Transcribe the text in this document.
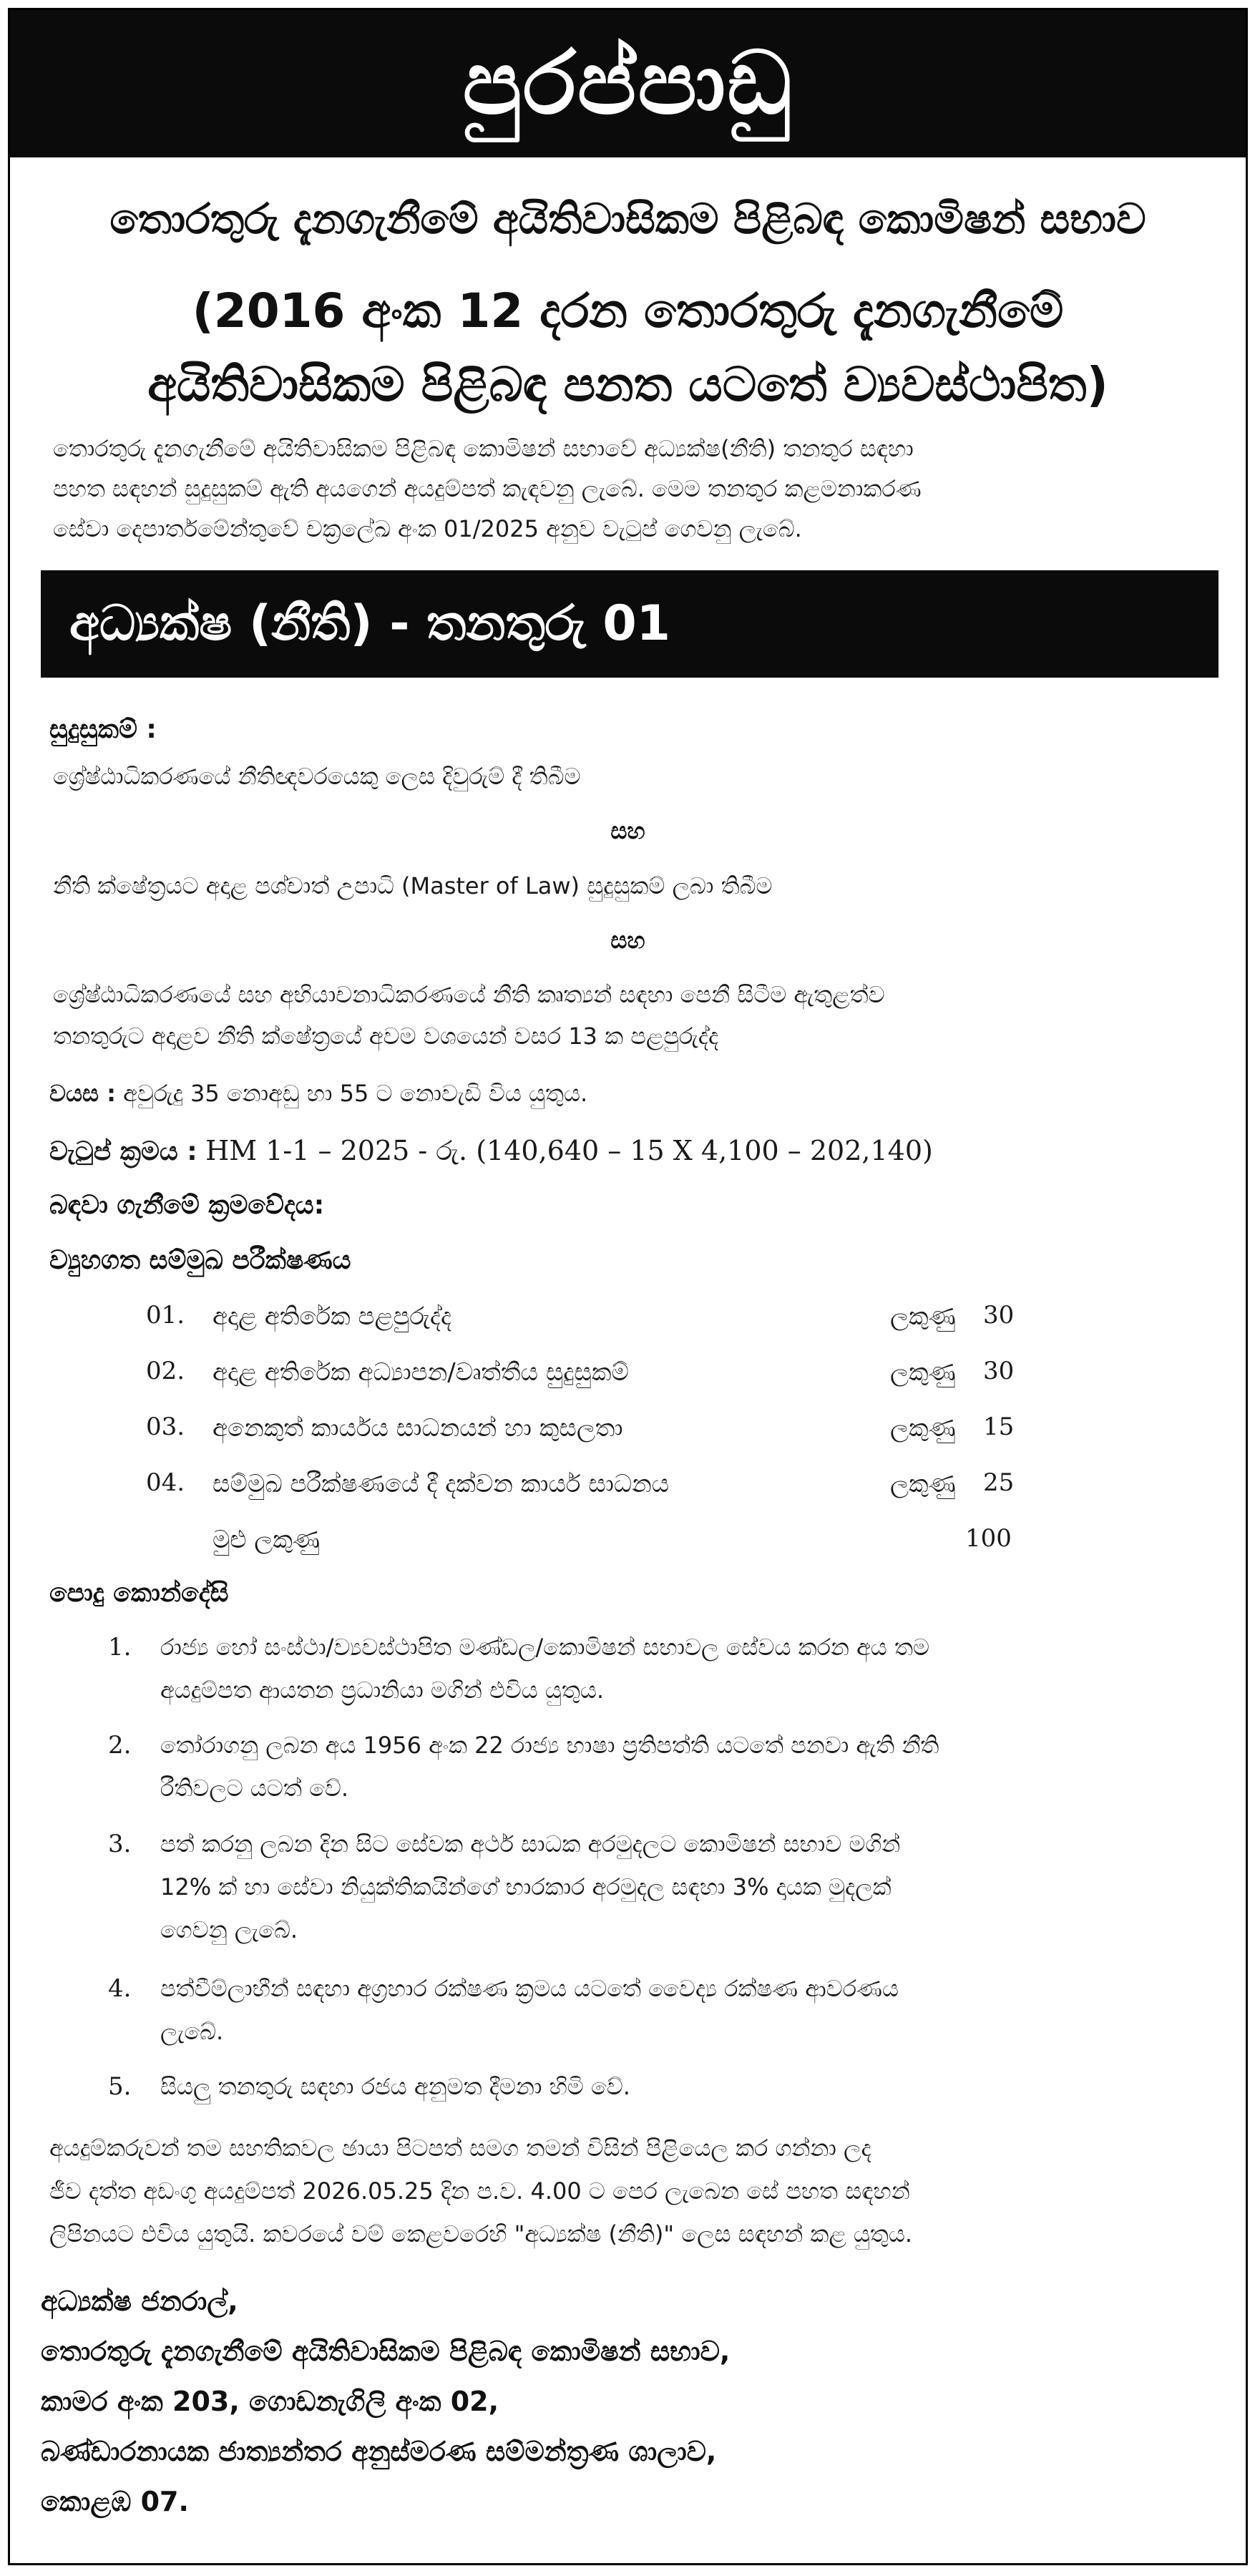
පුරප්පාඩු
තොරතුරු දැනගැනීමේ අයිතිවාසිකම පිළිබඳ කොමිෂන් සභාව
(2016 අංක 12 දරන තොරතුරු දැනගැනීමේ
අයිතිවාසිකම පිළිබඳ පනත යටතේ ව්‍යවස්ථාපිත)
තොරතුරු දැනගැනීමේ අයිතිවාසිකම පිළිබඳ කොමිෂන් සභාවේ අධ්‍යක්ෂ(නීති) තනතුර සඳහා
පහත සඳහන් සුදුසුකම් ඇති අයගෙන් අයදුම්පත් කැඳවනු ලැබේ. මෙම තනතුර කළමනාකරණ
සේවා දෙපාර්තමේන්තුවේ චක්‍රලේඛ අංක 01/2025 අනුව වැටුප් ගෙවනු ලැබේ.
අධ්‍යක්ෂ (නීති) - තනතුරු 01
සුදුසුකම් :
ශ්‍රේෂ්ඨාධිකරණයේ නීතිඥවරයෙකු ලෙස දිවුරුම් දී තිබීම
සහ
නීති ක්ෂේත්‍රයට අදාළ පශ්චාත් උපාධි (Master of Law) සුදුසුකම් ලබා තිබීම
සහ
ශ්‍රේෂ්ඨාධිකරණයේ සහ අභියාචනාධිකරණයේ නීති කෘත්‍යන් සඳහා පෙනී සිටීම ඇතුළත්ව
තනතුරුට අදාළව නීති ක්ෂේත්‍රයේ අවම වශයෙන් වසර 13 ක පළපුරුද්ද
වයස : අවුරුදු 35 නොඅඩු හා 55 ට නොවැඩි විය යුතුය.
වැටුප් ක්‍රමය : HM 1-1 – 2025 - රු. (140,640 – 15 X 4,100 – 202,140)
බඳවා ගැනීමේ ක්‍රමවේදය:
ව්‍යුහගත සම්මුඛ පරීක්ෂණය
01. අදාළ අතිරේක පළපුරුද්ද	ලකුණු 30
02. අදාළ අතිරේක අධ්‍යාපන/වෘත්තීය සුදුසුකම්	ලකුණු 30
03. අනෙකුත් කාර්යය සාධනයන් හා කුසලතා	ලකුණු 15
04. සම්මුඛ පරීක්ෂණයේ දී දක්වන කාර්ය සාධනය	ලකුණු 25
මුළු ලකුණු	100
පොදු කොන්දේසි
1. රාජ්‍ය හෝ සංස්ථා/ව්‍යවස්ථාපිත මණ්ඩල/කොමිෂන් සභාවල සේවය කරන අය තම
අයදුම්පත ආයතන ප්‍රධානියා මගින් එවිය යුතුය.
2. තෝරාගනු ලබන අය 1956 අංක 22 රාජ්‍ය භාෂා ප්‍රතිපත්ති යටතේ පනවා ඇති නීති
රීතිවලට යටත් වේ.
3. පත් කරනු ලබන දින සිට සේවක අර්ථ සාධක අරමුදලට කොමිෂන් සභාව මගින්
12% ක් හා සේවා නියුක්තිකයින්ගේ භාරකාර අරමුදල සඳහා 3% දායක මුදලක්
ගෙවනු ලැබේ.
4. පත්වීම්ලාභීන් සඳහා අග්‍රහාර රක්ෂණ ක්‍රමය යටතේ වෛද්‍ය රක්ෂණ ආවරණය
ලැබේ.
5. සියලු තනතුරු සඳහා රජය අනුමත දීමනා හිමි වේ.
අයදුම්කරුවන් තම සහතිකවල ඡායා පිටපත් සමග තමන් විසින් පිළියෙල කර ගන්නා ලද
ජීව දත්ත අඩංගු අයදුම්පත් 2026.05.25 දින ප.ව. 4.00 ට පෙර ලැබෙන සේ පහත සඳහන්
ලිපිනයට එවිය යුතුයි. කවරයේ වම් කෙළවරෙහි "අධ්‍යක්ෂ (නීති)" ලෙස සඳහන් කළ යුතුය.
අධ්‍යක්ෂ ජනරාල්,
තොරතුරු දැනගැනීමේ අයිතිවාසිකම පිළිබඳ කොමිෂන් සභාව,
කාමර අංක 203, ගොඩනැගිලි අංක 02,
බණ්ඩාරනායක ජාත්‍යන්තර අනුස්මරණ සම්මන්ත්‍රණ ශාලාව,
කොළඹ 07.
